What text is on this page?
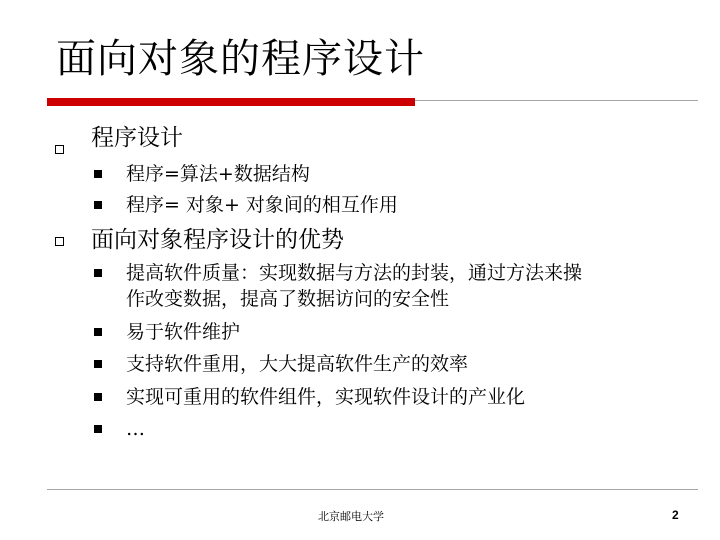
面向对象的程序设计
程序设计
程序=算法+数据结构
程序= 对象+ 对象间的相互作用
面向对象程序设计的优势
提高软件质量：实现数据与方法的封装，通过方法来操
作改变数据，提高了数据访问的安全性
易于软件维护
支持软件重用，大大提高软件生产的效率
实现可重用的软件组件，实现软件设计的产业化
…
北京邮电大学	2
